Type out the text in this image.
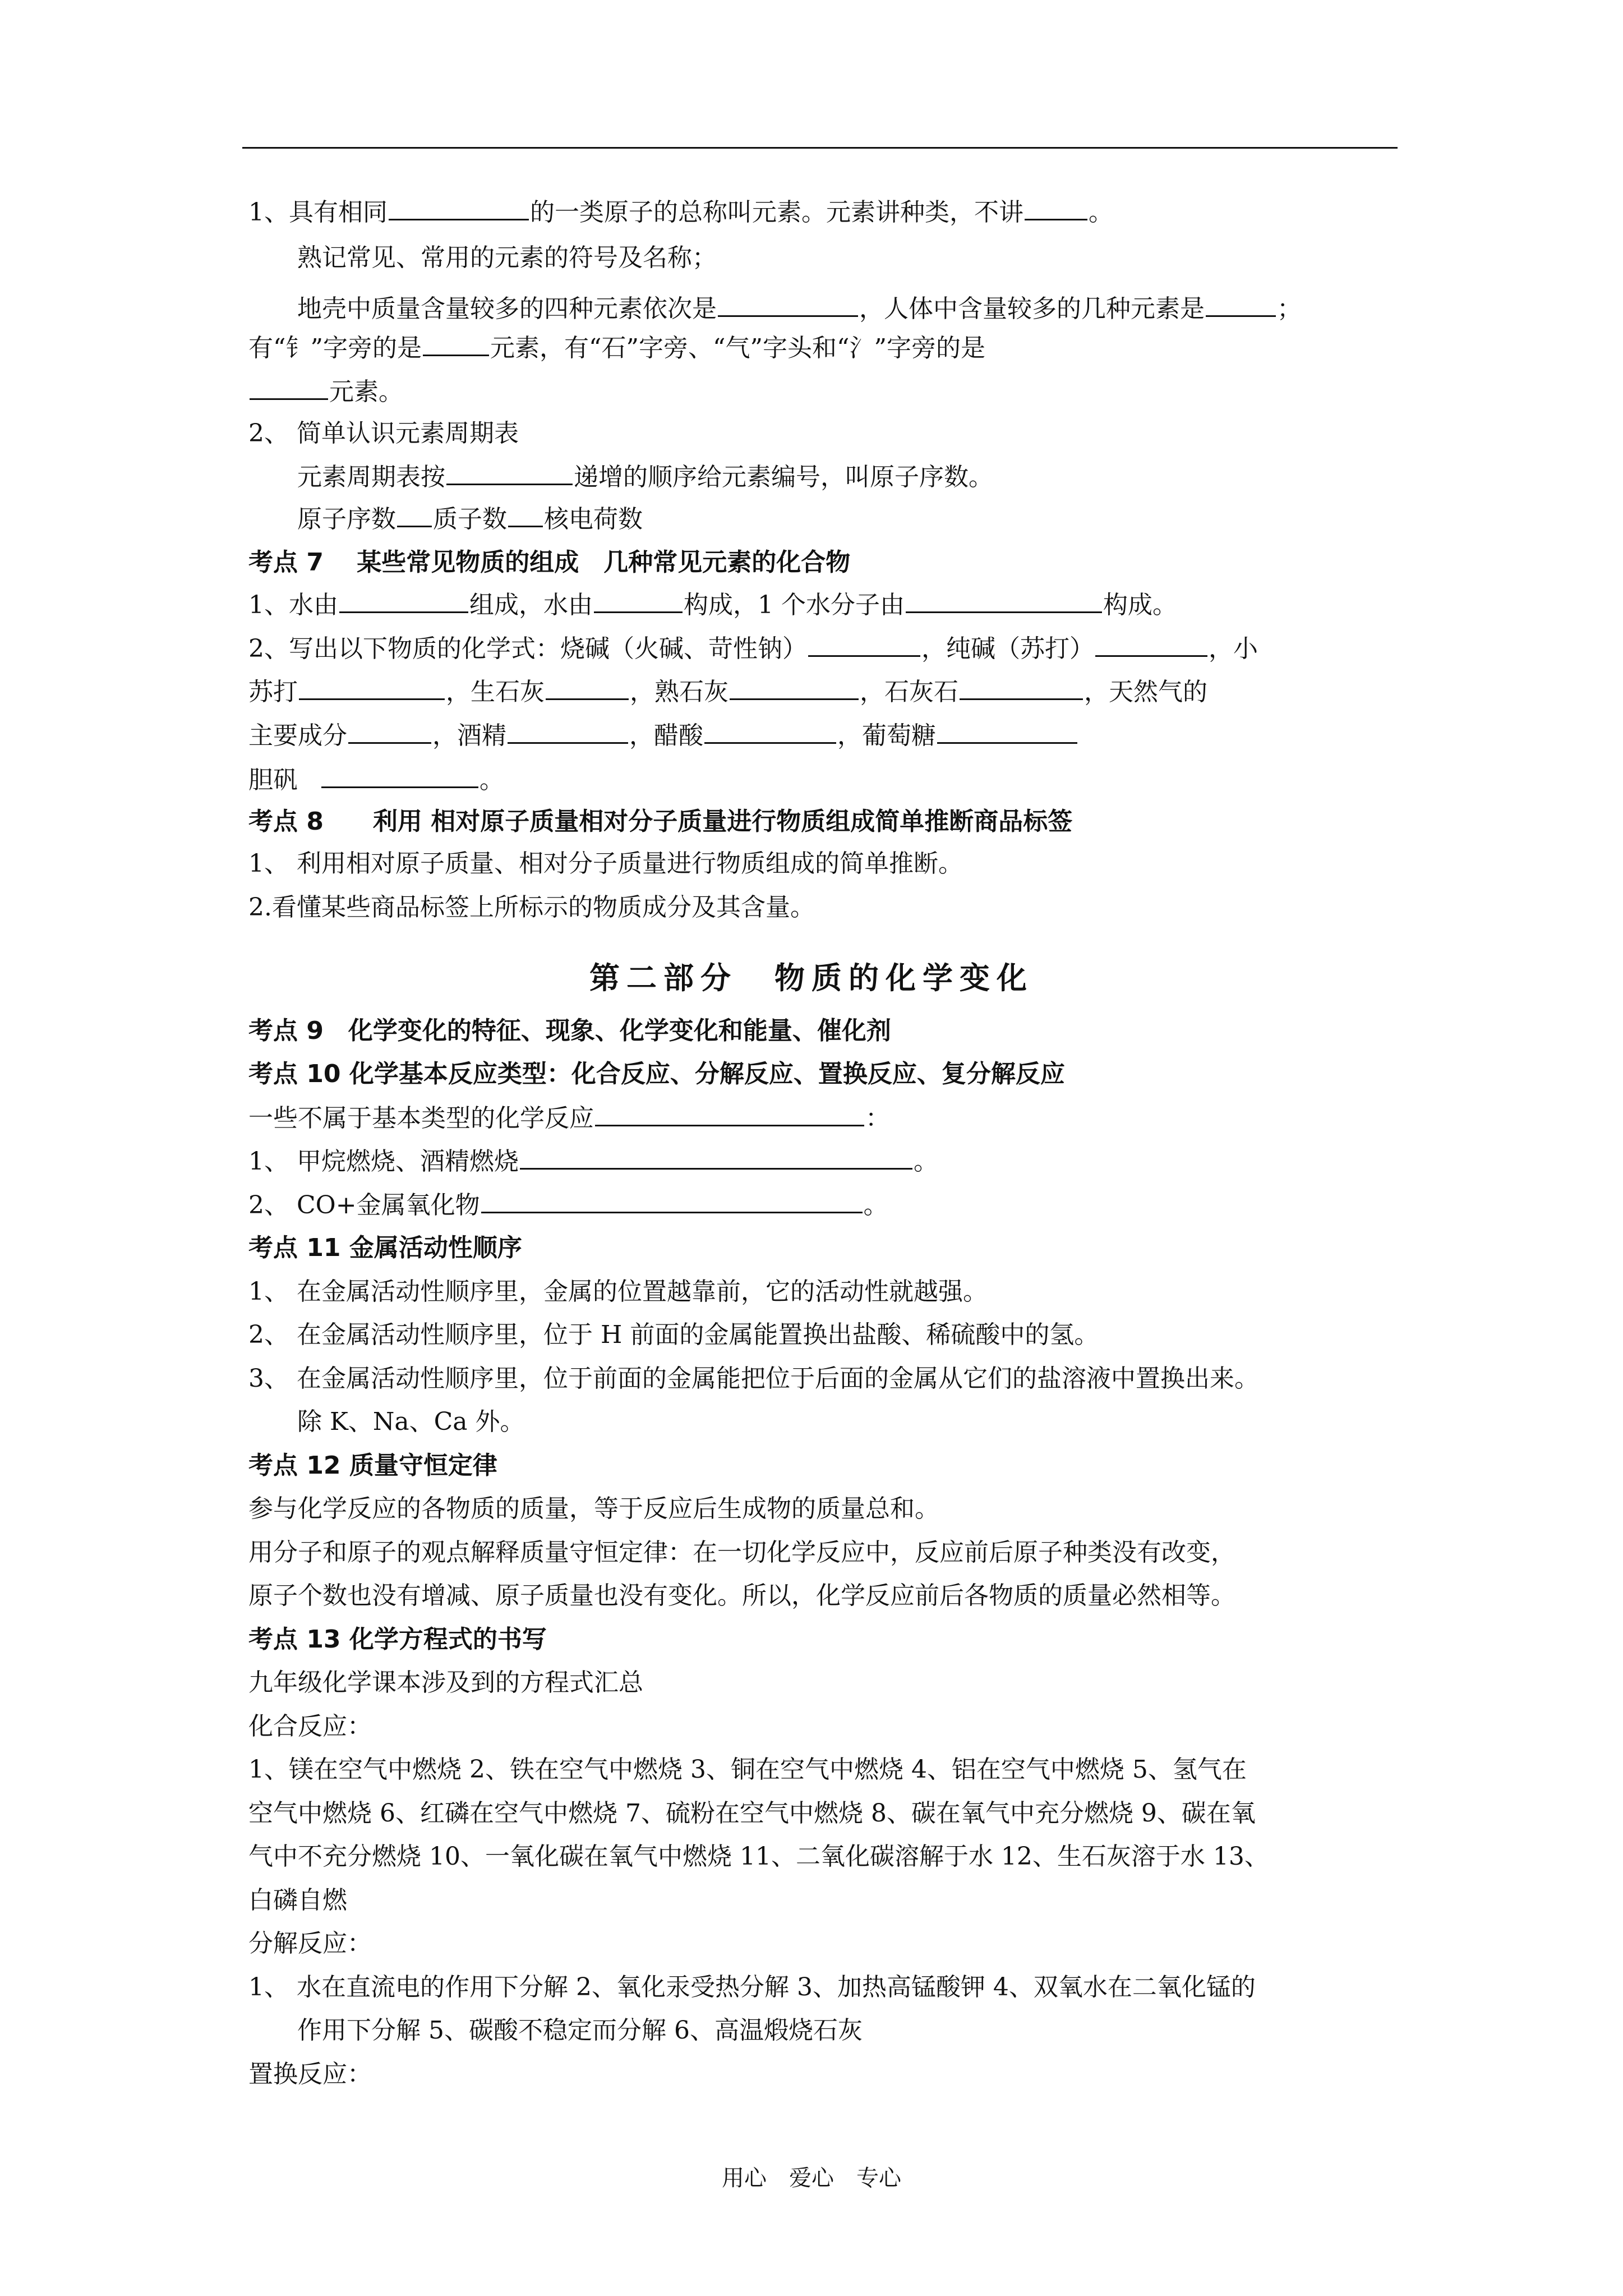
1、具有相同	的一类原子的总称叫元素。元素讲种类，不讲	。
熟记常见、常用的元素的符号及名称；
地壳中质量含量较多的四种元素依次是	，人体中含量较多的几种元素是	；
有“钅”字旁的是	元素，有“石”字旁、“气”字头和“氵”字旁的是
元素。
2、 简单认识元素周期表
元素周期表按	递增的顺序给元素编号，叫原子序数。
原子序数 质子数 核电荷数
考点 7　 某些常见物质的组成　几种常见元素的化合物
1、水由	组成，水由	构成，1 个水分子由	构成。
2、写出以下物质的化学式：烧碱（火碱、苛性钠）	，纯碱（苏打）	，小
苏打	，生石灰	，熟石灰	，石灰石	，天然气的
主要成分	，酒精	，醋酸	，葡萄糖
胆矾	。
考点 8　　利用 相对原子质量相对分子质量进行物质组成简单推断商品标签
1、 利用相对原子质量、相对分子质量进行物质组成的简单推断。
2.看懂某些商品标签上所标示的物质成分及其含量。
第二部分　物质的化学变化
考点 9　化学变化的特征、现象、化学变化和能量、催化剂
考点 10 化学基本反应类型：化合反应、分解反应、置换反应、复分解反应
一些不属于基本类型的化学反应	：
1、 甲烷燃烧、酒精燃烧	。
2、 CO+金属氧化物	。
考点 11 金属活动性顺序
1、 在金属活动性顺序里，金属的位置越靠前，它的活动性就越强。
2、 在金属活动性顺序里，位于 H 前面的金属能置换出盐酸、稀硫酸中的氢。
3、 在金属活动性顺序里，位于前面的金属能把位于后面的金属从它们的盐溶液中置换出来。
除 K、Na、Ca 外。
考点 12 质量守恒定律
参与化学反应的各物质的质量，等于反应后生成物的质量总和。
用分子和原子的观点解释质量守恒定律：在一切化学反应中，反应前后原子种类没有改变，
原子个数也没有增减、原子质量也没有变化。所以，化学反应前后各物质的质量必然相等。
考点 13 化学方程式的书写
九年级化学课本涉及到的方程式汇总
化合反应：
1、镁在空气中燃烧 2、铁在空气中燃烧 3、铜在空气中燃烧 4、铝在空气中燃烧 5、氢气在
空气中燃烧 6、红磷在空气中燃烧 7、硫粉在空气中燃烧 8、碳在氧气中充分燃烧 9、碳在氧
气中不充分燃烧 10、一氧化碳在氧气中燃烧 11、二氧化碳溶解于水 12、生石灰溶于水 13、
白磷自燃
分解反应：
1、 水在直流电的作用下分解 2、氧化汞受热分解 3、加热高锰酸钾 4、双氧水在二氧化锰的
作用下分解 5、碳酸不稳定而分解 6、高温煅烧石灰
置换反应：
用心　爱心　专心
